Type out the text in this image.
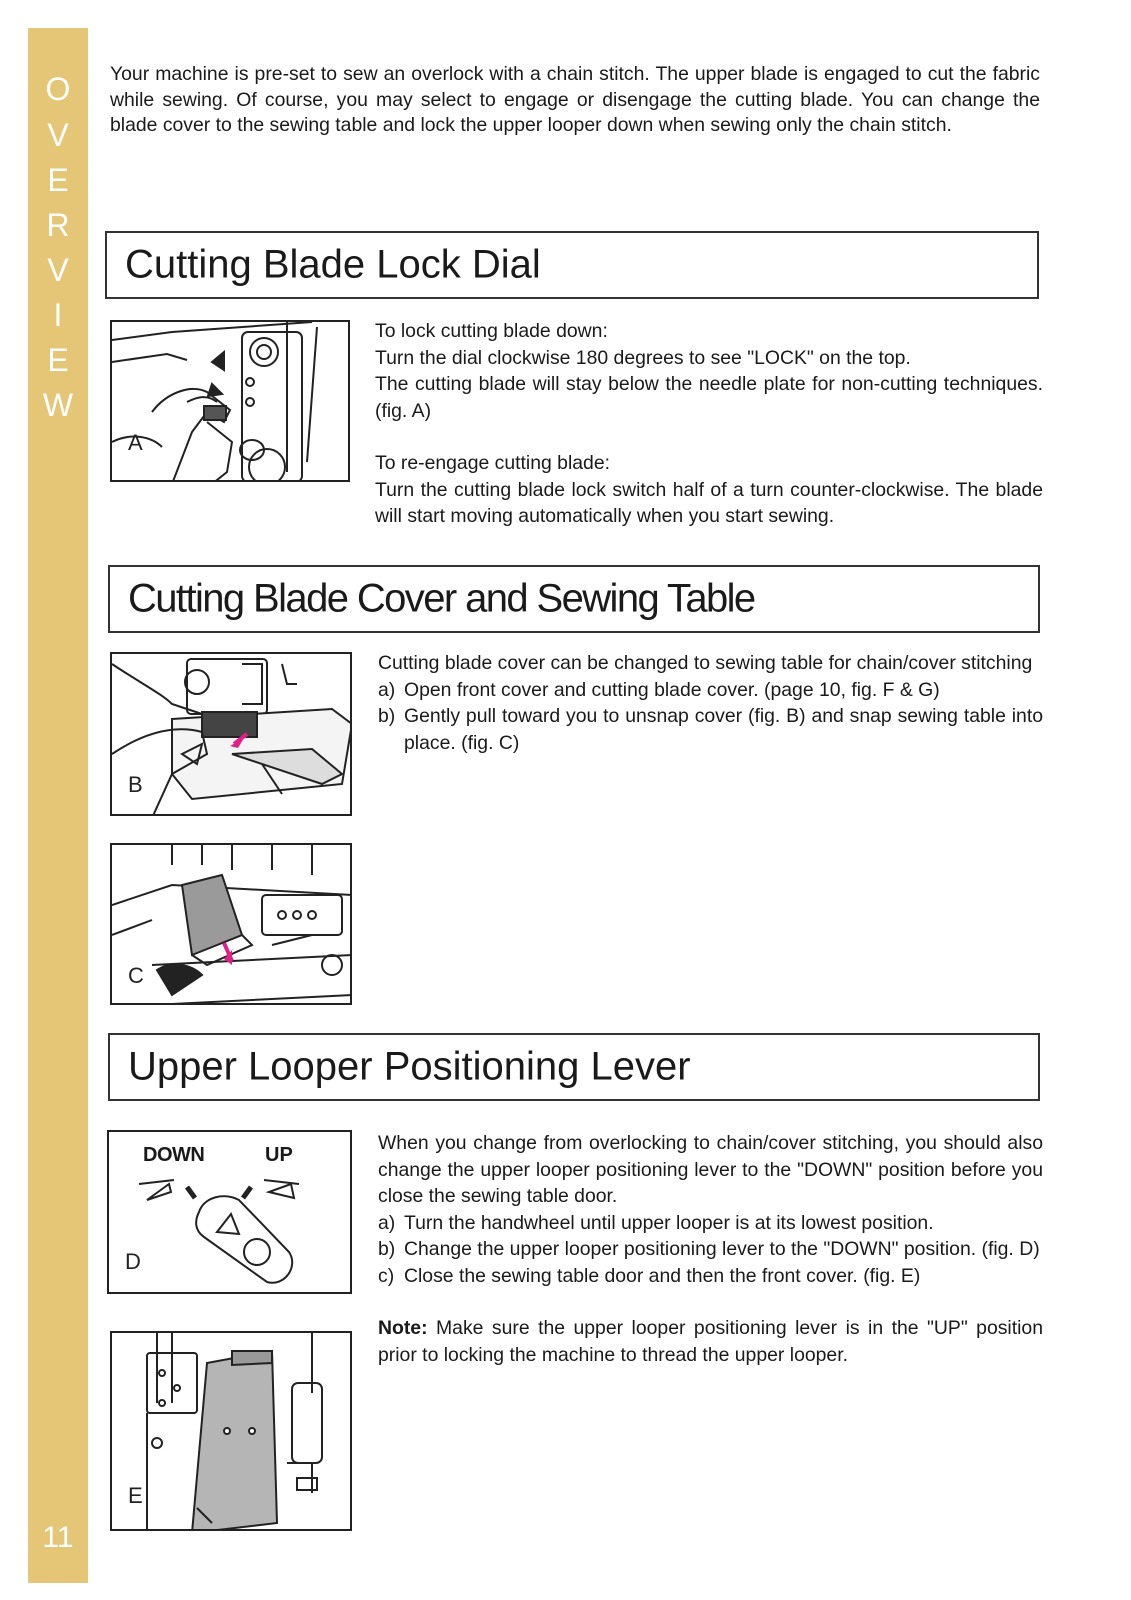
O
V
E
R
V
I
E
W
11

Your machine is pre-set to sew an overlock with a chain stitch. The upper blade is engaged to cut the fabric while sewing. Of course, you may select to engage or disengage the cutting blade. You can change the blade cover to the sewing table and lock the upper looper down when sewing only the chain stitch.

Cutting Blade Lock Dial
A

To lock cutting blade down:

Turn the dial clockwise 180 degrees to see "LOCK" on the top.

The cutting blade will stay below the needle plate for non-cutting techniques. (fig. A)

To re-engage cutting blade:

Turn the cutting blade lock switch half of a turn counter-clockwise. The blade will start moving automatically when you start sewing.

Cutting Blade Cover and Sewing Table
B
C

Cutting blade cover can be changed to sewing table for chain/cover stitching

a) Open front cover and cutting blade cover. (page 10, fig. F & G)
b) Gently pull toward you to unsnap cover (fig. B) and snap sewing table into place. (fig. C)
Upper Looper Positioning Lever
DOWN	UP
D
E

When you change from overlocking to chain/cover stitching, you should also change the upper looper positioning lever to the "DOWN" position before you close the sewing table door.

a) Turn the handwheel until upper looper is at its lowest position.
b) Change the upper looper positioning lever to the "DOWN" position. (fig. D)
c) Close the sewing table door and then the front cover. (fig. E)

Note: Make sure the upper looper positioning lever is in the "UP" position prior to locking the machine to thread the upper looper.
